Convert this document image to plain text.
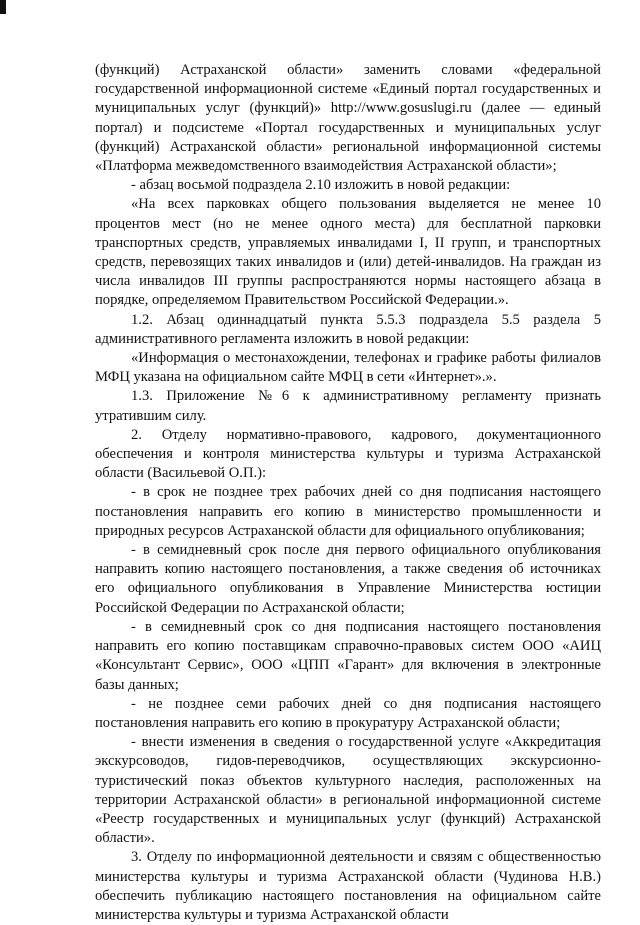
(функций) Астраханской области» заменить словами «федеральной государственной информационной системе «Единый портал государственных и муниципальных услуг (функций)» http://www.gosuslugi.ru (далее — единый портал) и подсистеме «Портал государственных и муниципальных услуг (функций) Астраханской области» региональной информационной системы «Платформа межведомственного взаимодействия Астраханской области»;

- абзац восьмой подраздела 2.10 изложить в новой редакции:

«На всех парковках общего пользования выделяется не менее 10 процентов мест (но не менее одного места) для бесплатной парковки транспортных средств, управляемых инвалидами I, II групп, и транспортных средств, перевозящих таких инвалидов и (или) детей-инвалидов. На граждан из числа инвалидов III группы распространяются нормы настоящего абзаца в порядке, определяемом Правительством Российской Федерации.».

1.2. Абзац одиннадцатый пункта 5.5.3 подраздела 5.5 раздела 5 административного регламента изложить в новой редакции:

«Информация о местонахождении, телефонах и графике работы филиалов МФЦ указана на официальном сайте МФЦ в сети «Интернет».».

1.3. Приложение №6 к административному регламенту признать утратившим силу.

2. Отделу нормативно-правового, кадрового, документационного обеспечения и контроля министерства культуры и туризма Астраханской области (Васильевой О.П.):

- в срок не позднее трех рабочих дней со дня подписания настоящего постановления направить его копию в министерство промышленности и природных ресурсов Астраханской области для официального опубликования;

- в семидневный срок после дня первого официального опубликования направить копию настоящего постановления, а также сведения об источниках его официального опубликования в Управление Министерства юстиции Российской Федерации по Астраханской области;

- в семидневный срок со дня подписания настоящего постановления направить его копию поставщикам справочно-правовых систем ООО «АИЦ «Консультант Сервис», ООО «ЦПП «Гарант» для включения в электронные базы данных;

- не позднее семи рабочих дней со дня подписания настоящего постановления направить его копию в прокуратуру Астраханской области;

- внести изменения в сведения о государственной услуге «Аккредитация экскурсоводов, гидов-переводчиков, осуществляющих экскурсионно-туристический показ объектов культурного наследия, расположенных на территории Астраханской области» в региональной информационной системе «Реестр государственных и муниципальных услуг (функций) Астраханской области».

3. Отделу по информационной деятельности и связям с общественностью министерства культуры и туризма Астраханской области (Чудинова Н.В.) обеспечить публикацию настоящего постановления на официальном сайте министерства культуры и туризма Астраханской области
